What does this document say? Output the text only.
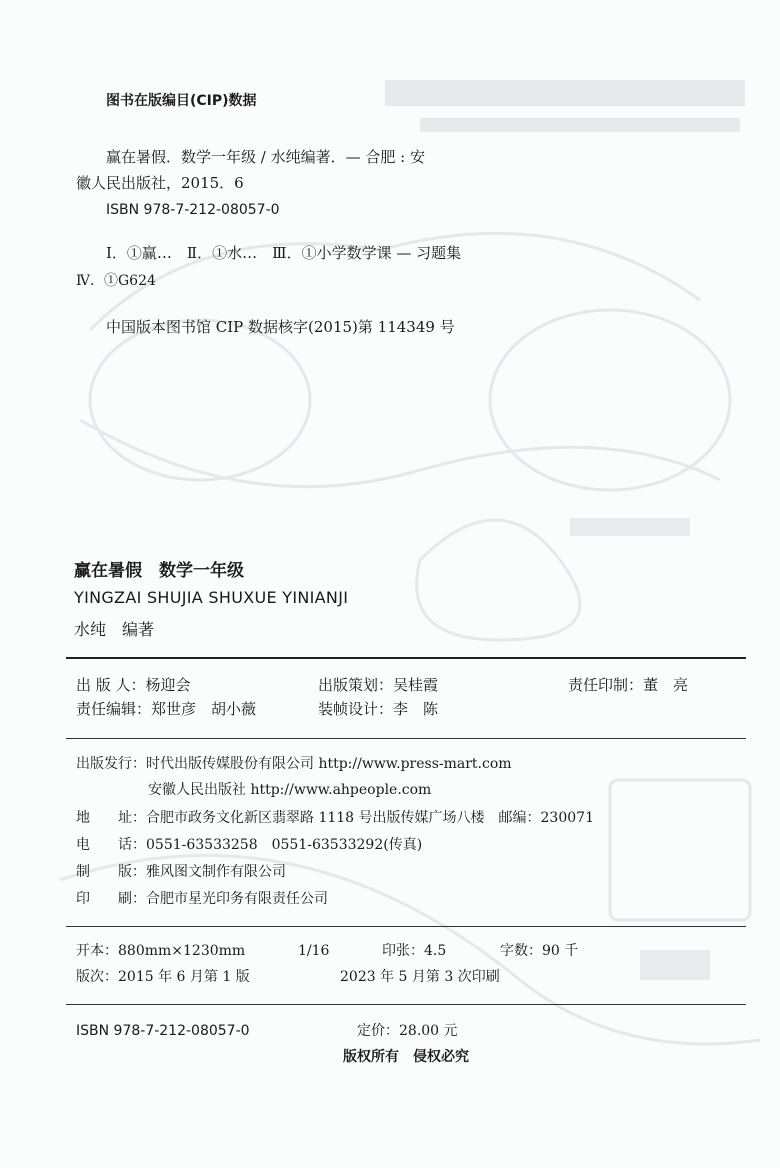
图书在版编目(CIP)数据
赢在暑假．数学一年级 / 水纯编著．— 合肥 : 安
徽人民出版社，2015．6
ISBN 978-7-212-08057-0
Ⅰ．①赢…　Ⅱ．①水…　Ⅲ．①小学数学课 — 习题集
Ⅳ．①G624
中国版本图书馆 CIP 数据核字(2015)第 114349 号
赢在暑假　数学一年级
YINGZAI SHUJIA SHUXUE YINIANJI
水纯　编著
出 版 人：杨迎会	出版策划：吴桂霞	责任印制：董　亮
责任编辑：郑世彦　胡小薇	装帧设计：李　陈
出版发行：时代出版传媒股份有限公司 http://www.press-mart.com
安徽人民出版社 http://www.ahpeople.com
地 址：合肥市政务文化新区翡翠路 1118 号出版传媒广场八楼　邮编：230071
电 话：0551-63533258　0551-63533292(传真)
制 版：雅风图文制作有限公司
印 刷：合肥市星光印务有限责任公司
开本：880mm×1230mm	1/16	印张：4.5	字数：90 千
版次：2015 年 6 月第 1 版	2023 年 5 月第 3 次印刷
ISBN 978-7-212-08057-0	定价：28.00 元
版权所有　侵权必究
